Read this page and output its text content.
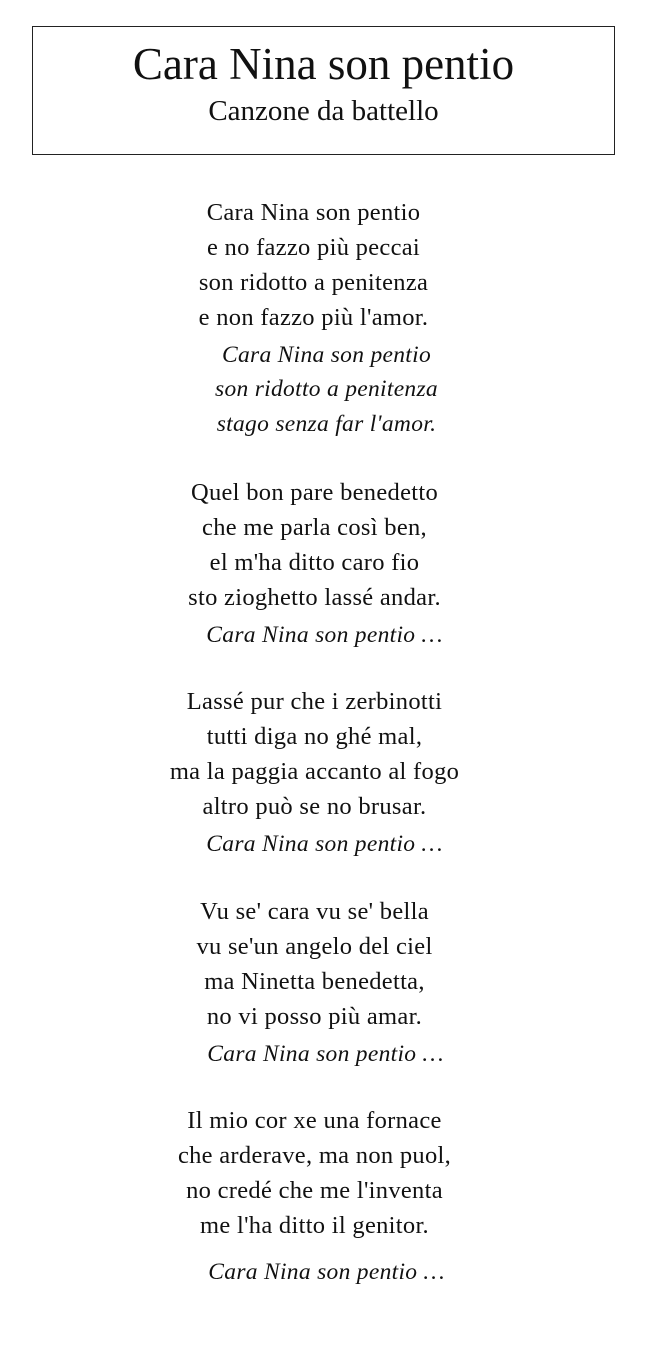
Cara Nina son pentio
Canzone da battello
Cara Nina son pentio
e no fazzo più peccai
son ridotto a penitenza
e non fazzo più l'amor.
Cara Nina son pentio
son ridotto a penitenza
stago senza far l'amor.
Quel bon pare benedetto
che me parla così ben,
el m'ha ditto caro fio
sto zioghetto lassé andar.
Cara Nina son pentio …
Lassé pur che i zerbinotti
tutti diga no ghé mal,
ma la paggia accanto al fogo
altro può se no brusar.
Cara Nina son pentio …
Vu se' cara vu se' bella
vu se'un angelo del ciel
ma Ninetta benedetta,
no vi posso più amar.
Cara Nina son pentio …
Il mio cor xe una fornace
che arderave, ma non puol,
no credé che me l'inventa
me l'ha ditto il genitor.
Cara Nina son pentio …
